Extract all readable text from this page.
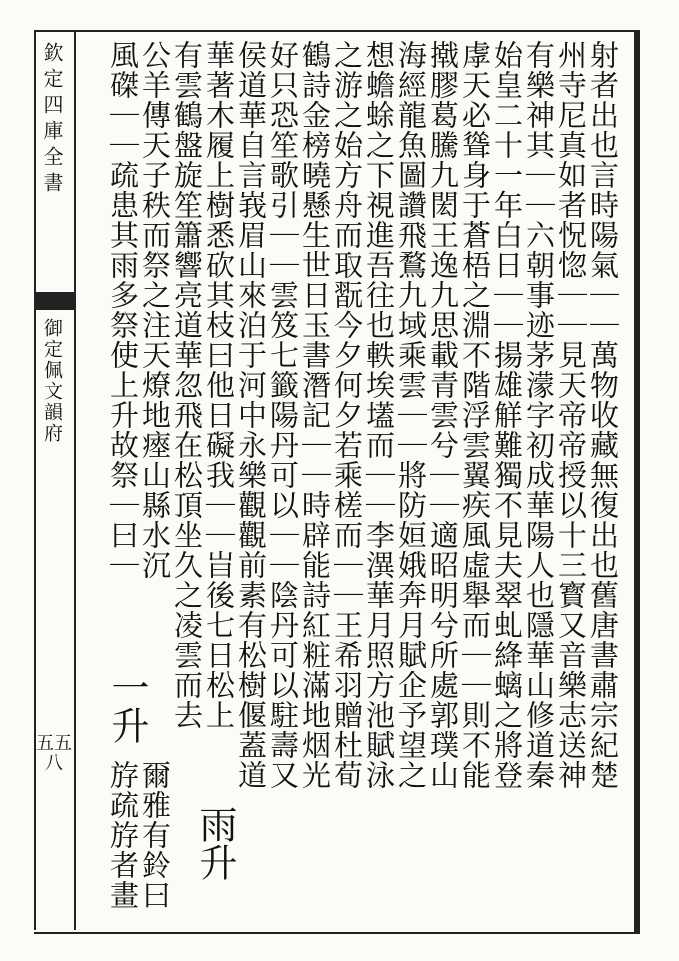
欽定四庫全書
御定佩文韻府
五五八	射者出也言時陽氣｜｜萬物收藏無復出也舊唐書肅宗紀楚
州寺尼真如者怳惚｜｜見天帝帝授以十三寳又音樂志送神
有樂神其｜｜六朝事迹茅濛字初成華陽人也隱華山修道秦
始皇二十一年白日｜｜揚雄觧難獨不見夫翠虬絳螭之將登
虖天必聳身于蒼梧之淵不階浮雲翼疾風虛舉而｜｜則不能
撠膠葛騰九閎王逸九思載青雲兮｜｜適昭明兮所處郭璞山
海經龍魚圖讚飛鶩九域乘雲｜｜將防姮娥奔月賦企予望之
想蟾蜍之下視進吾往也軼埃壒而｜｜李潩華月照方池賦泳
之游之始方舟而取翫今夕何夕若乘槎而｜｜王希羽贈杜荀
鶴詩金榜曉懸生世日玉書潛記｜｜時辟能詩紅粧滿地烟光
好只恐笙歌引｜｜雲笈七籤陽丹可以｜｜陰丹可以駐壽又
侯道華自言峩眉山來泊于河中永樂觀觀前素有松樹偃蓋道
華著木履上樹悉砍其枝曰他日礙我｜｜㞱後七日松上
雨升
有雲鶴盤旋笙簫響亮道華忽飛在松頂坐久之凌雲而去
公羊傳天子秩而祭之注天燎地瘞山縣水沉
風磔｜｜疏患其雨多祭使上升故祭｜曰｜
一升
爾雅有鈴曰
斿疏斿者畫
